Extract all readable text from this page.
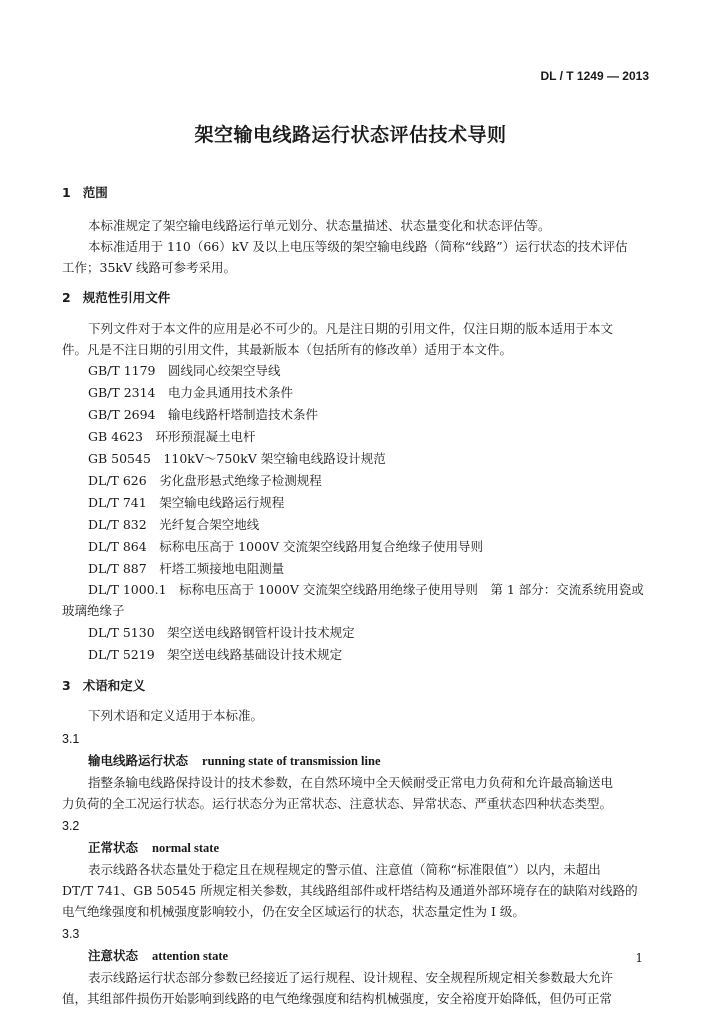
DL / T 1249 — 2013
架空输电线路运行状态评估技术导则
1 范围
本标准规定了架空输电线路运行单元划分、状态量描述、状态量变化和状态评估等。
本标准适用于 110（66）kV 及以上电压等级的架空输电线路（简称“线路”）运行状态的技术评估
工作；35kV 线路可参考采用。
2 规范性引用文件
下列文件对于本文件的应用是必不可少的。凡是注日期的引用文件，仅注日期的版本适用于本文
件。凡是不注日期的引用文件，其最新版本（包括所有的修改单）适用于本文件。
GB/T 1179　圆线同心绞架空导线
GB/T 2314　电力金具通用技术条件
GB/T 2694　输电线路杆塔制造技术条件
GB 4623　环形预混凝土电杆
GB 50545　110kV～750kV 架空输电线路设计规范
DL/T 626　劣化盘形悬式绝缘子检测规程
DL/T 741　架空输电线路运行规程
DL/T 832　光纤复合架空地线
DL/T 864　标称电压高于 1000V 交流架空线路用复合绝缘子使用导则
DL/T 887　杆塔工频接地电阻测量
DL/T 1000.1　标称电压高于 1000V 交流架空线路用绝缘子使用导则　第 1 部分：交流系统用瓷或
玻璃绝缘子
DL/T 5130　架空送电线路钢管杆设计技术规定
DL/T 5219　架空送电线路基础设计技术规定
3 术语和定义
下列术语和定义适用于本标准。
3.1
输电线路运行状态 running state of transmission line
指整条输电线路保持设计的技术参数，在自然环境中全天候耐受正常电力负荷和允许最高输送电
力负荷的全工况运行状态。运行状态分为正常状态、注意状态、异常状态、严重状态四种状态类型。
3.2
正常状态 normal state
表示线路各状态量处于稳定且在规程规定的警示值、注意值（简称“标准限值”）以内，未超出
DT/T 741、GB 50545 所规定相关参数，其线路组部件或杆塔结构及通道外部环境存在的缺陷对线路的
电气绝缘强度和机械强度影响较小，仍在安全区域运行的状态，状态量定性为 I 级。
3.3
注意状态 attention state
表示线路运行状态部分参数已经接近了运行规程、设计规程、安全规程所规定相关参数最大允许
值，其组部件损伤开始影响到线路的电气绝缘强度和结构机械强度，安全裕度开始降低，但仍可正常
1
